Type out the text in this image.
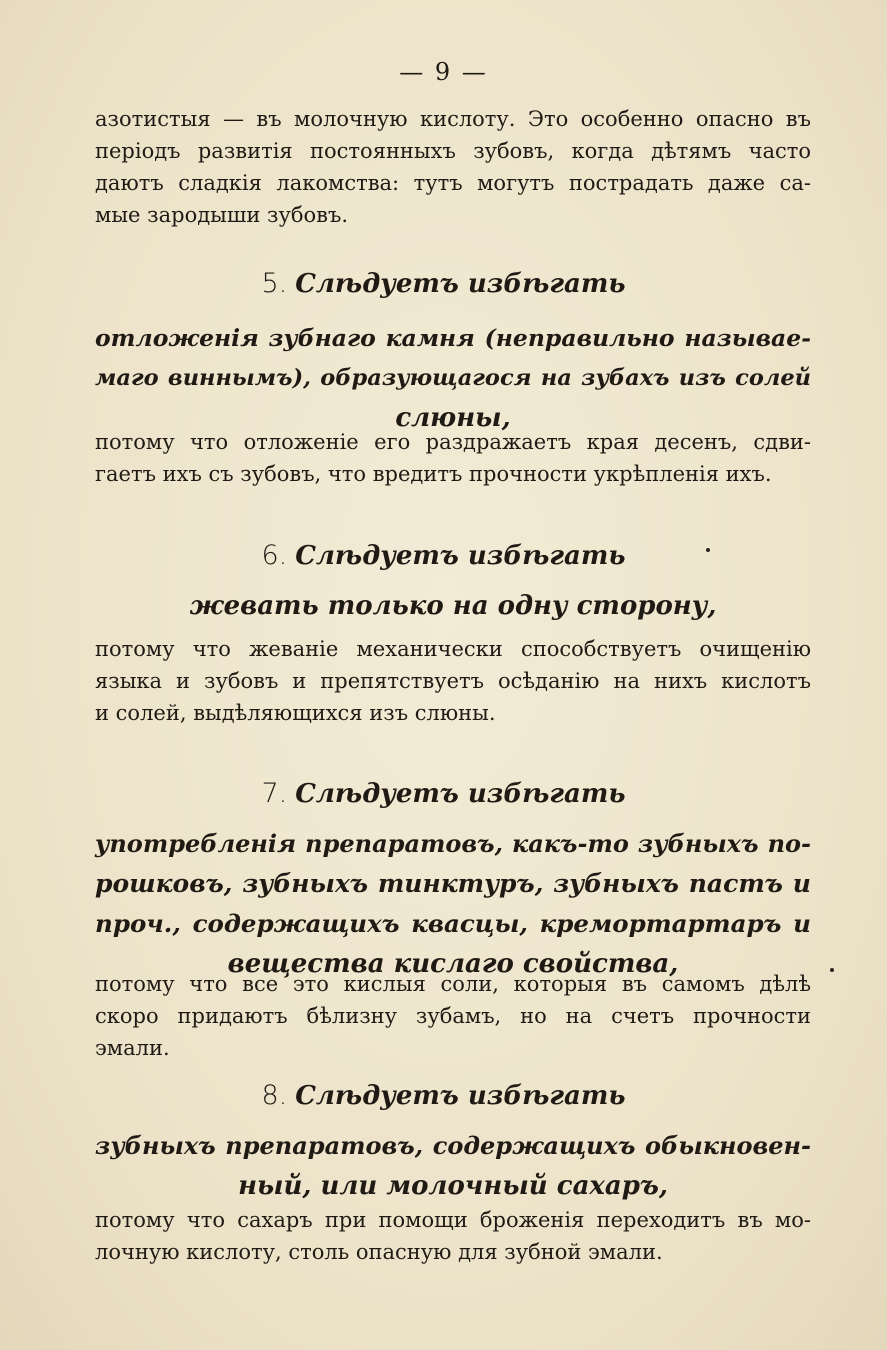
— 9 —

азотистыя — въ молочную кислоту. Это особенно опасно въ
періодъ развитія постоянныхъ зубовъ, когда дѣтямъ часто
даютъ сладкія лакомства: тутъ могутъ пострадать даже са-
мые зародыши зубовъ.

5. Слѣдуетъ избѣгать

отложенія зубнаго камня (неправильно называе-
маго виннымъ), образующагося на зубахъ изъ солей
слюны,

потому что отложеніе его раздражаетъ края десенъ, сдви-
гаетъ ихъ съ зубовъ, что вредитъ прочности укрѣпленія ихъ.

6. Слѣдуетъ избѣгать

жевать только на одну сторону,

потому что жеваніе механически способствуетъ очищенію
языка и зубовъ и препятствуетъ осѣданію на нихъ кислотъ
и солей, выдѣляющихся изъ слюны.

7. Слѣдуетъ избѣгать

употребленія препаратовъ, какъ-то зубныхъ по-
рошковъ, зубныхъ тинктуръ, зубныхъ пастъ и
проч., содержащихъ квасцы, кремортартаръ и
вещества кислаго свойства,

потому что все это кислыя соли, которыя въ самомъ дѣлѣ
скоро придаютъ бѣлизну зубамъ, но на счетъ прочности
эмали.

8. Слѣдуетъ избѣгать

зубныхъ препаратовъ, содержащихъ обыкновен-
ный, или молочный сахаръ,

потому что сахаръ при помощи броженія переходитъ въ мо-
лочную кислоту, столь опасную для зубной эмали.
